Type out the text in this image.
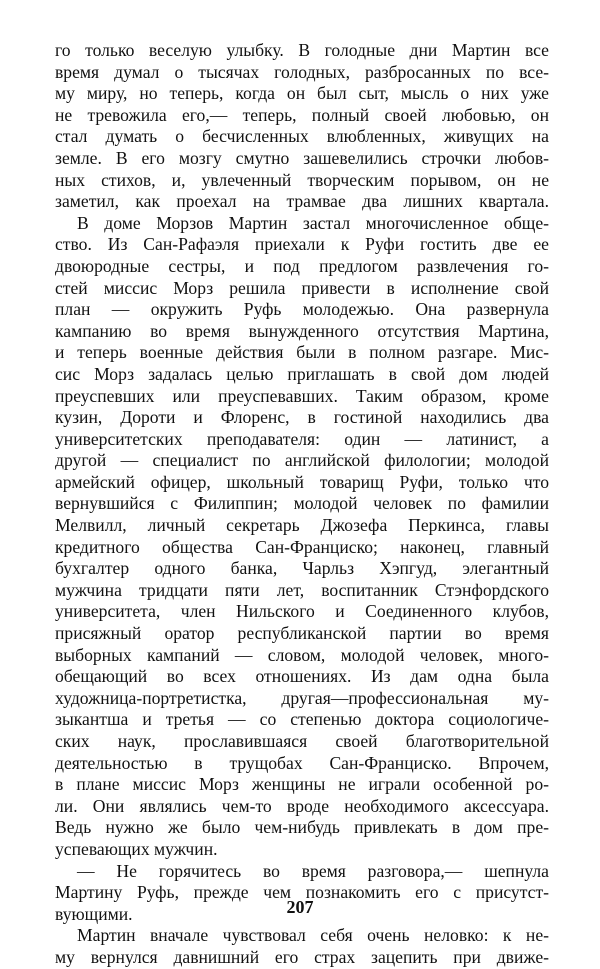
го только веселую улыбку. В голодные дни Мартин все
время думал о тысячах голодных, разбросанных по все-
му миру, но теперь, когда он был сыт, мысль о них уже
не тревожила его,— теперь, полный своей любовью, он
стал думать о бесчисленных влюбленных, живущих на
земле. В его мозгу смутно зашевелились строчки любов-
ных стихов, и, увлеченный творческим порывом, он не
заметил, как проехал на трамвае два лишних квартала.
В доме Морзов Мартин застал многочисленное обще-
ство. Из Сан-Рафаэля приехали к Руфи гостить две ее
двоюродные сестры, и под предлогом развлечения го-
стей миссис Морз решила привести в исполнение свой
план — окружить Руфь молодежью. Она развернула
кампанию во время вынужденного отсутствия Мартина,
и теперь военные действия были в полном разгаре. Мис-
сис Морз задалась целью приглашать в свой дом людей
преуспевших или преуспевавших. Таким образом, кроме
кузин, Дороти и Флоренс, в гостиной находились два
университетских преподавателя: один — латинист, а
другой — специалист по английской филологии; молодой
армейский офицер, школьный товарищ Руфи, только что
вернувшийся с Филиппин; молодой человек по фамилии
Мелвилл, личный секретарь Джозефа Перкинса, главы
кредитного общества Сан-Франциско; наконец, главный
бухгалтер одного банка, Чарльз Хэпгуд, элегантный
мужчина тридцати пяти лет, воспитанник Стэнфордского
университета, член Нильского и Соединенного клубов,
присяжный оратор республиканской партии во время
выборных кампаний — словом, молодой человек, много-
обещающий во всех отношениях. Из дам одна была
художница-портретистка, другая—профессиональная му-
зыкантша и третья — со степенью доктора социологиче-
ских наук, прославившаяся своей благотворительной
деятельностью в трущобах Сан-Франциско. Впрочем,
в плане миссис Морз женщины не играли особенной ро-
ли. Они являлись чем-то вроде необходимого аксессуара.
Ведь нужно же было чем-нибудь привлекать в дом пре-
успевающих мужчин.
— Не горячитесь во время разговора,— шепнула
Мартину Руфь, прежде чем познакомить его с присутст-
вующими.
Мартин вначале чувствовал себя очень неловко: к не-
му вернулся давнишний его страх зацепить при движе-
207
